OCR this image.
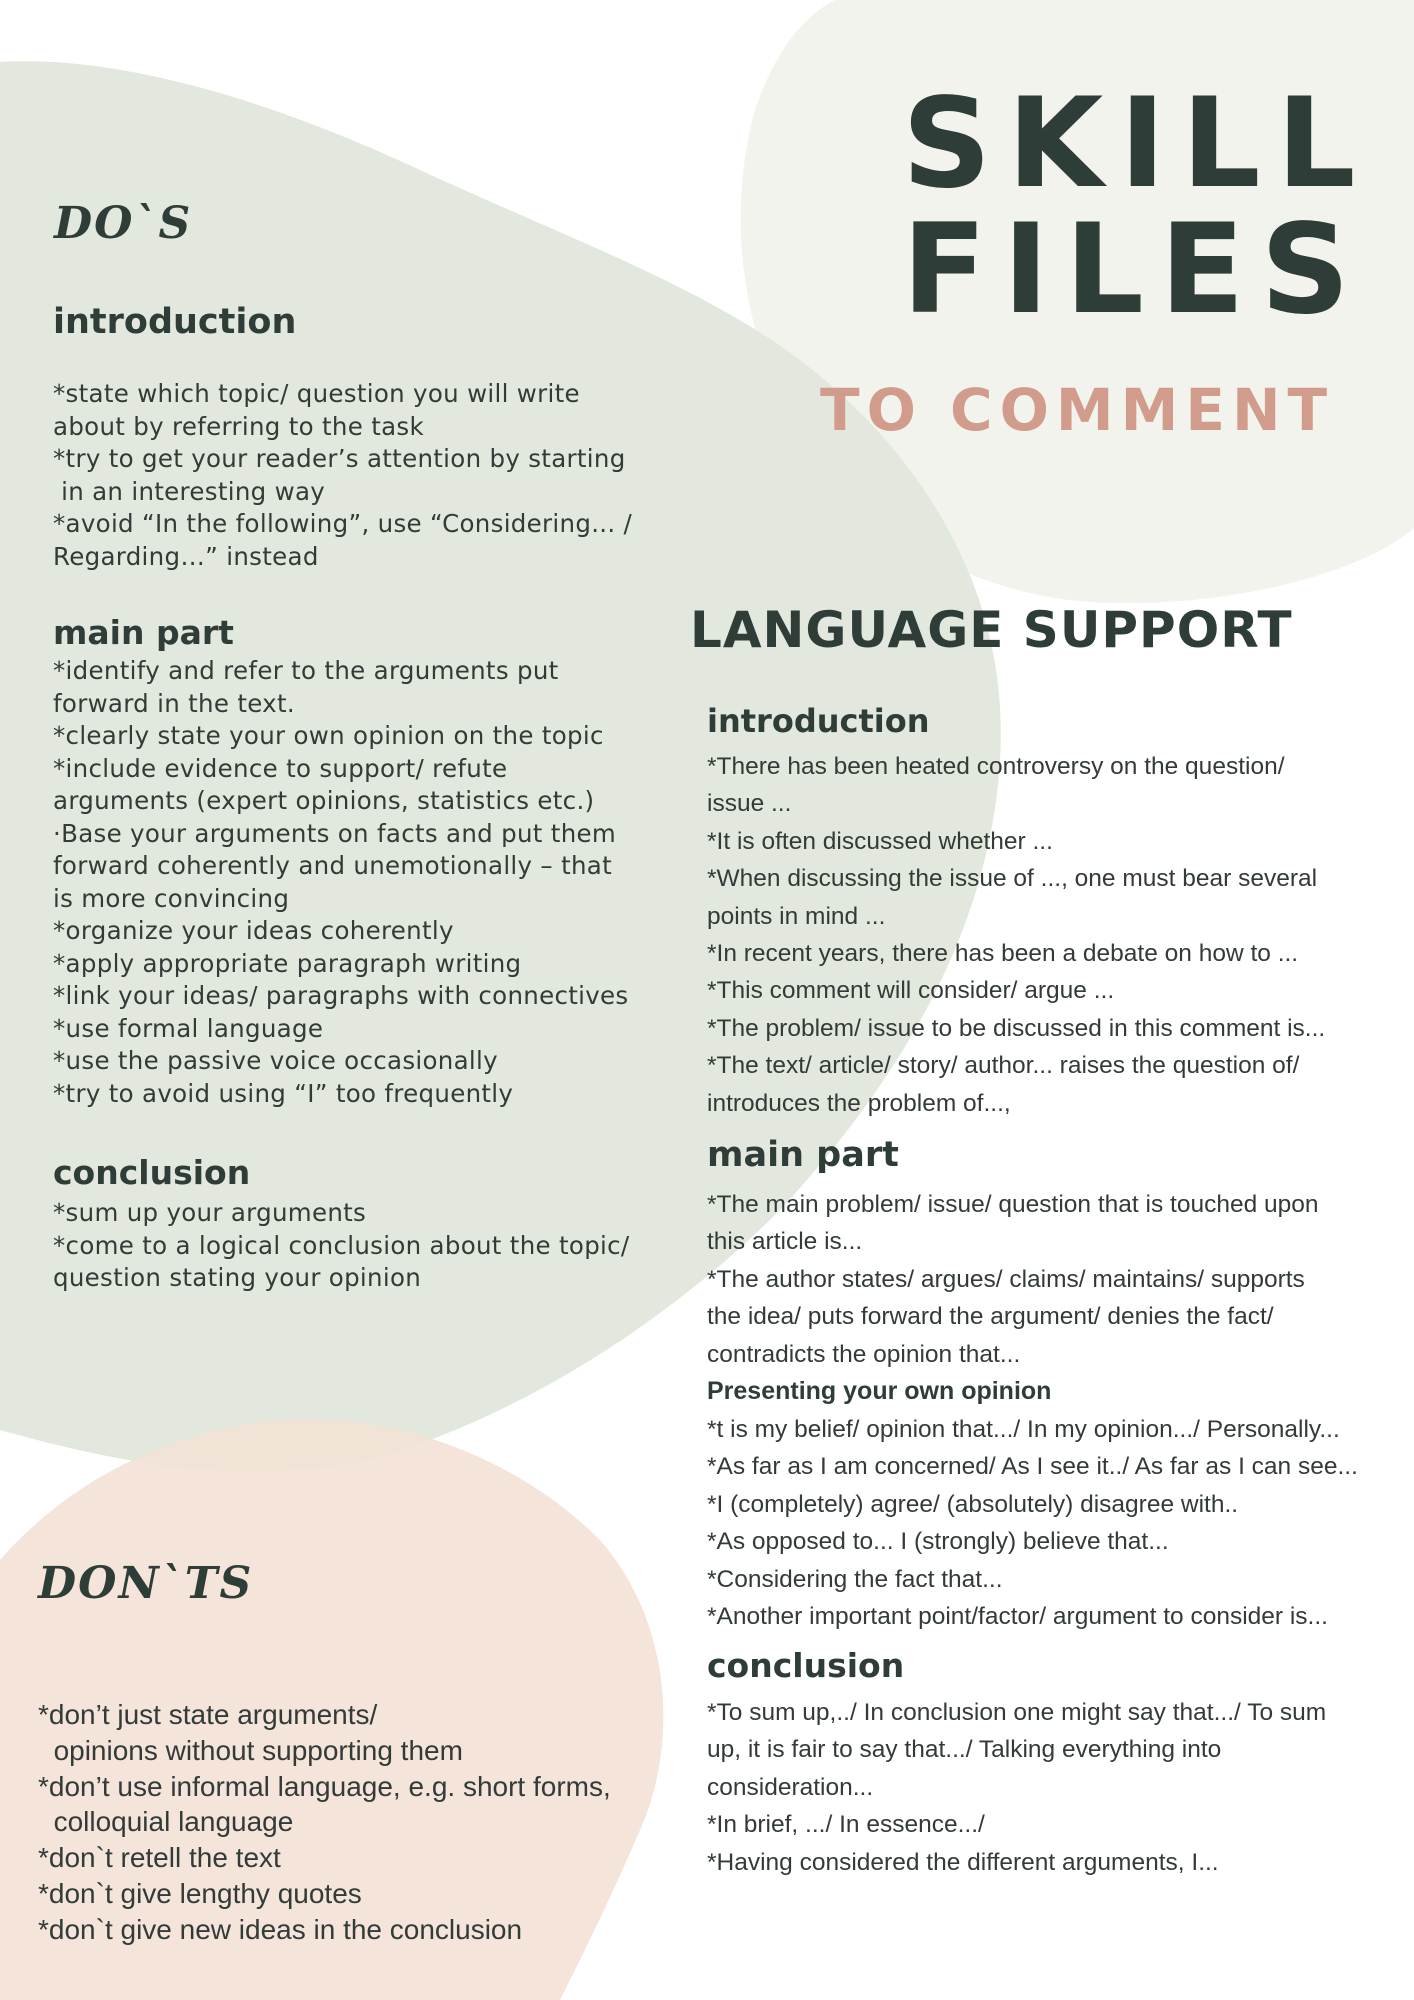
SKILL
FILES
TO COMMENT
DO`S
introduction
*state which topic/ question you will write
about by referring to the task
*try to get your reader’s attention by starting
in an interesting way
*avoid “In the following”, use “Considering... /
Regarding…” instead
main part
*identify and refer to the arguments put
forward in the text.
*clearly state your own opinion on the topic
*include evidence to support/ refute
arguments (expert opinions, statistics etc.)
·Base your arguments on facts and put them
forward coherently and unemotionally – that
is more convincing
*organize your ideas coherently
*apply appropriate paragraph writing
*link your ideas/ paragraphs with connectives
*use formal language
*use the passive voice occasionally
*try to avoid using “I” too frequently
conclusion
*sum up your arguments
*come to a logical conclusion about the topic/
question stating your opinion
DON`TS
*don’t just state arguments/
opinions without supporting them
*don’t use informal language, e.g. short forms,
colloquial language
*don`t retell the text
*don`t give lengthy quotes
*don`t give new ideas in the conclusion
LANGUAGE SUPPORT
introduction
*There has been heated controversy on the question/
issue ...
*It is often discussed whether ...
*When discussing the issue of ..., one must bear several
points in mind ...
*In recent years, there has been a debate on how to ...
*This comment will consider/ argue ...
*The problem/ issue to be discussed in this comment is...
*The text/ article/ story/ author... raises the question of/
introduces the problem of...,
main part
*The main problem/ issue/ question that is touched upon
this article is...
*The author states/ argues/ claims/ maintains/ supports
the idea/ puts forward the argument/ denies the fact/
contradicts the opinion that...
Presenting your own opinion
*t is my belief/ opinion that.../ In my opinion.../ Personally...
*As far as I am concerned/ As I see it../ As far as I can see...
*I (completely) agree/ (absolutely) disagree with..
*As opposed to... I (strongly) believe that...
*Considering the fact that...
*Another important point/factor/ argument to consider is...
conclusion
*To sum up,../ In conclusion one might say that.../ To sum
up, it is fair to say that.../ Talking everything into
consideration...
*In brief, .../ In essence.../
*Having considered the different arguments, I...
